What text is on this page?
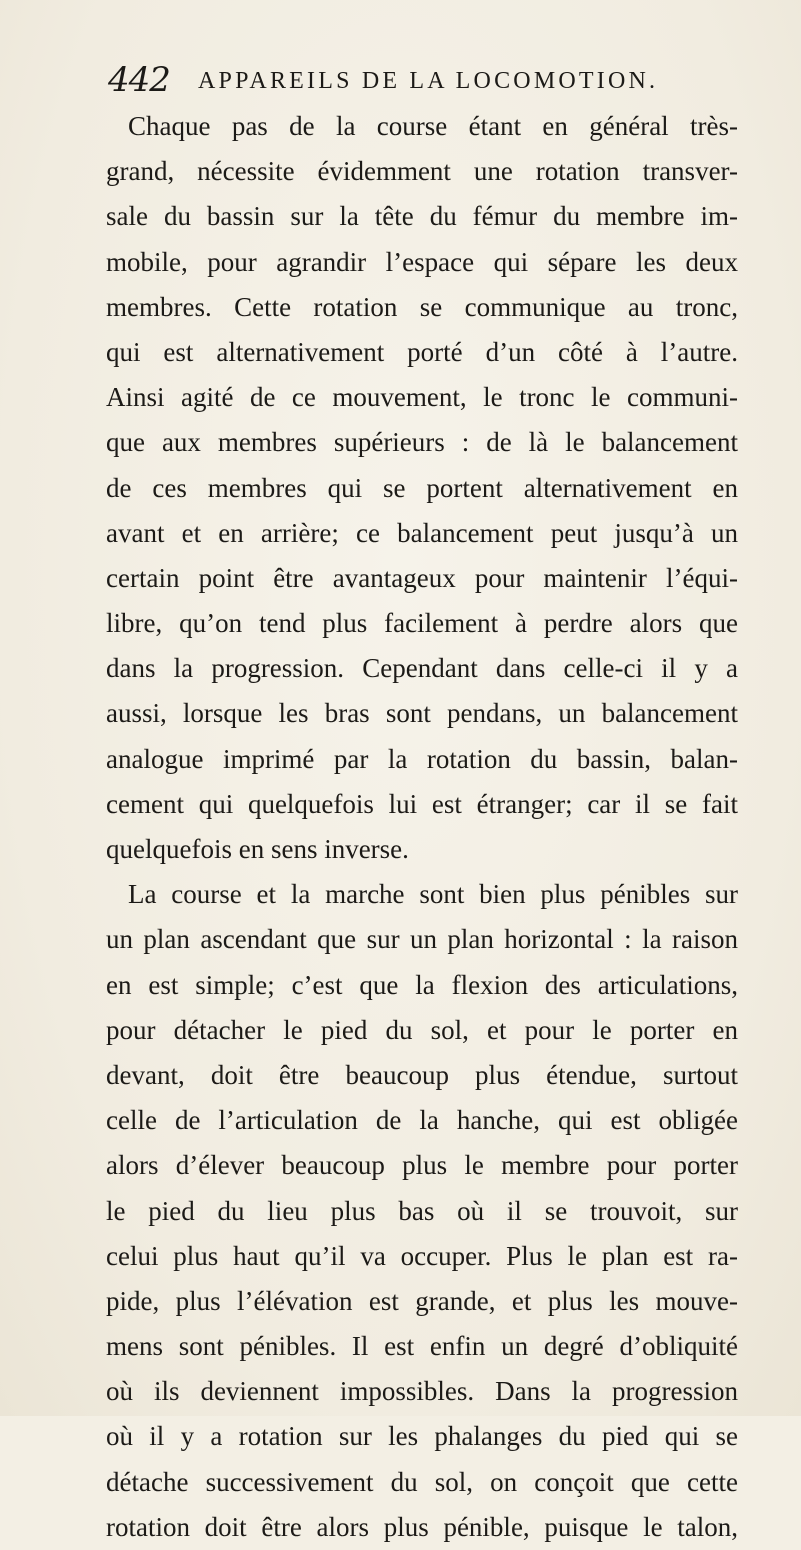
442 APPAREILS DE LA LOCOMOTION.
Chaque pas de la course étant en général très-
grand, nécessite évidemment une rotation transver-
sale du bassin sur la tête du fémur du membre im-
mobile, pour agrandir l’espace qui sépare les deux
membres. Cette rotation se communique au tronc,
qui est alternativement porté d’un côté à l’autre.
Ainsi agité de ce mouvement, le tronc le communi-
que aux membres supérieurs : de là le balancement
de ces membres qui se portent alternativement en
avant et en arrière; ce balancement peut jusqu’à un
certain point être avantageux pour maintenir l’équi-
libre, qu’on tend plus facilement à perdre alors que
dans la progression. Cependant dans celle-ci il y a
aussi, lorsque les bras sont pendans, un balancement
analogue imprimé par la rotation du bassin, balan-
cement qui quelquefois lui est étranger; car il se fait
quelquefois en sens inverse.
La course et la marche sont bien plus pénibles sur
un plan ascendant que sur un plan horizontal : la raison
en est simple; c’est que la flexion des articulations,
pour détacher le pied du sol, et pour le porter en
devant, doit être beaucoup plus étendue, surtout
celle de l’articulation de la hanche, qui est obligée
alors d’élever beaucoup plus le membre pour porter
le pied du lieu plus bas où il se trouvoit, sur
celui plus haut qu’il va occuper. Plus le plan est ra-
pide, plus l’élévation est grande, et plus les mouve-
mens sont pénibles. Il est enfin un degré d’obliquité
où ils deviennent impossibles. Dans la progression
où il y a rotation sur les phalanges du pied qui se
détache successivement du sol, on conçoit que cette
rotation doit être alors plus pénible, puisque le talon,
